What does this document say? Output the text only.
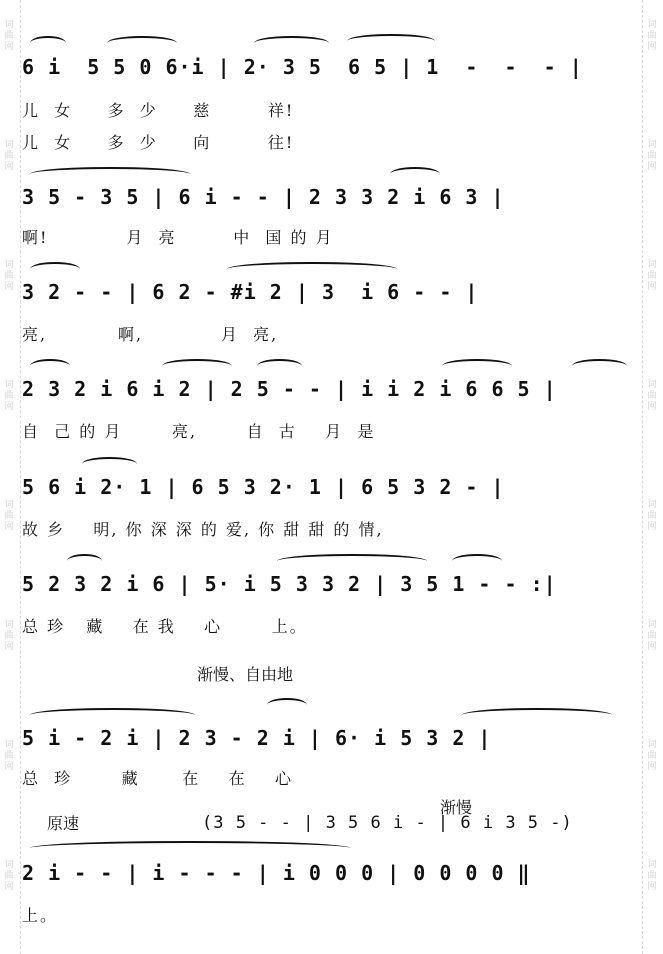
词曲网
词曲网
词曲网
词曲网
词曲网
词曲网
词曲网
词曲网
词曲网
词曲网
词曲网
词曲网
词曲网
词曲网
词曲网
词曲网
6 i  5 5 0 6·i | 2· 3 5  6 5 | 1  -  -  - |
儿  女     多  少     慈        祥!
儿  女     多  少     向        往!
3 5 - 3 5 | 6 i - - | 2 3 3 2 i 6 3 |
啊!           月  亮        中  国 的 月
3 2 - - | 6 2 - #i 2 | 3  i 6 - - |
亮,          啊,           月  亮,
2 3 2 i 6 i 2 | 2 5 - - | i i 2 i 6 6 5 |
自  己 的 月       亮,       自  古    月  是
5 6 i 2· 1 | 6 5 3 2· 1 | 6 5 3 2 - |
故 乡    明, 你 深 深 的 爱, 你 甜 甜 的 情,
5 2 3 2 i 6 | 5· i 5 3 3 2 | 3 5 1 - - :|
总 珍   藏    在 我    心       上。
渐慢、自由地
5 i - 2 i | 2 3 - 2 i | 6· i 5 3 2 |
总  珍       藏      在    在    心
原速
渐慢
(3 5 - - | 3 5 6 i - | 6 i 3 5 -)
2 i - - | i - - - | i 0 0 0 | 0 0 0 0 ‖
上。
